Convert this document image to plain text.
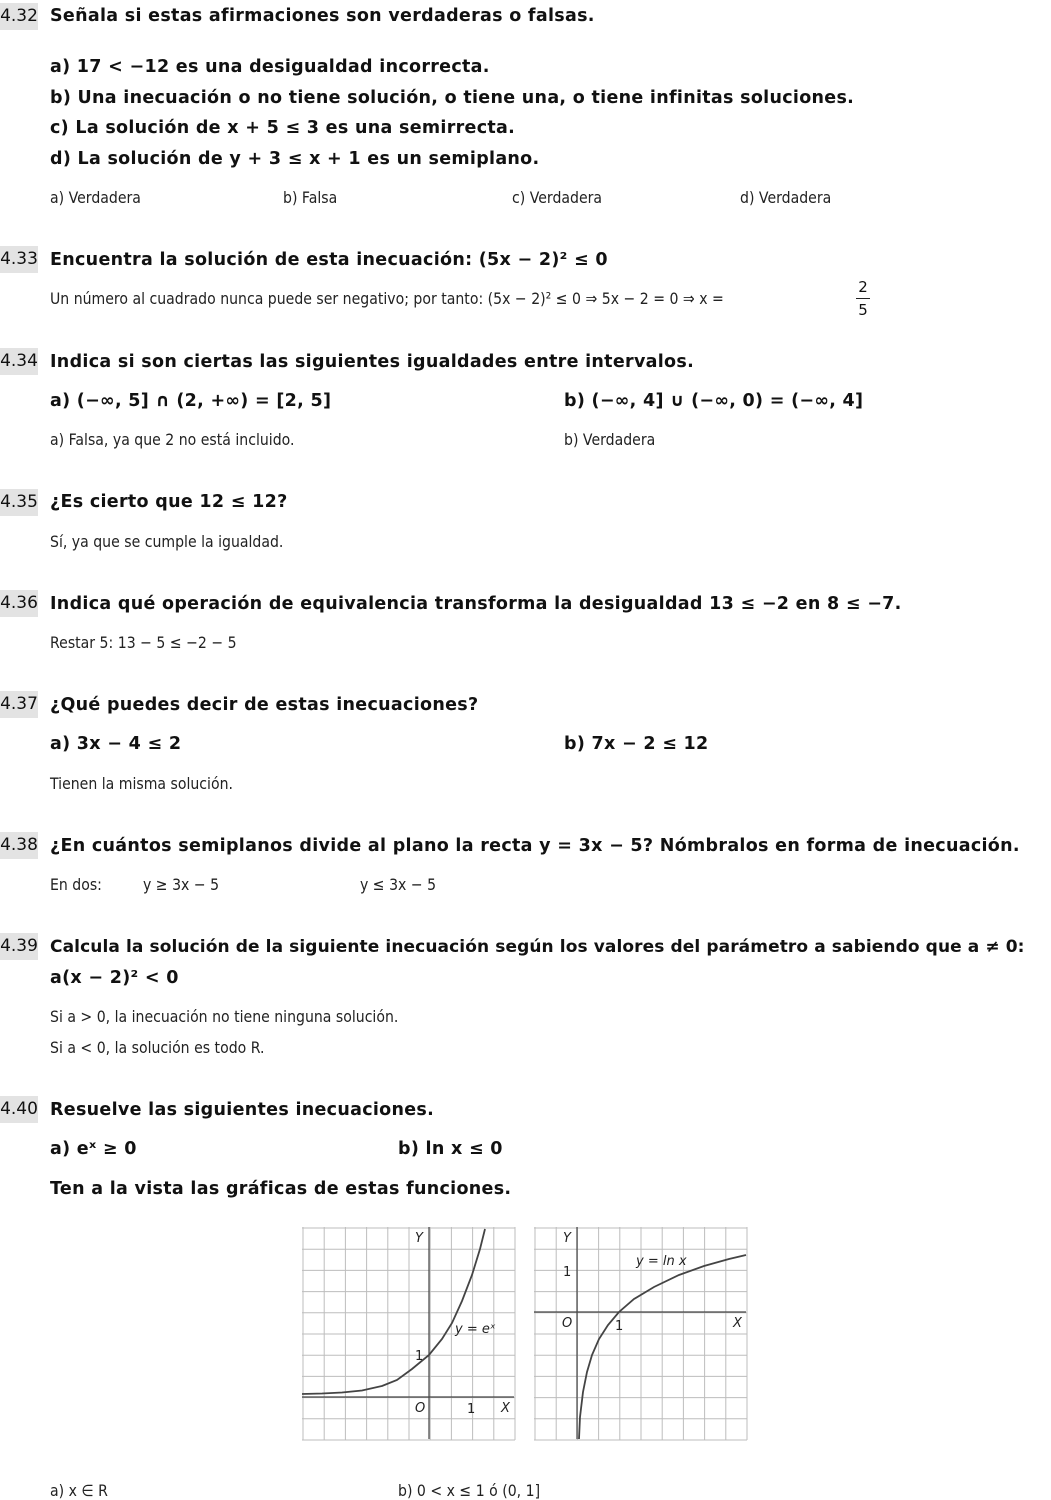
4.32 Señala si estas afirmaciones son verdaderas o falsas.
a) 17 < −12 es una desigualdad incorrecta.
b) Una inecuación o no tiene solución, o tiene una, o tiene infinitas soluciones.
c) La solución de x + 5 ≤ 3 es una semirrecta.
d) La solución de y + 3 ≤ x + 1 es un semiplano.
a) Verdadera	b) Falsa	c) Verdadera	d) Verdadera
4.33 Encuentra la solución de esta inecuación: (5x − 2)² ≤ 0
Un número al cuadrado nunca puede ser negativo; por tanto: (5x − 2)² ≤ 0 ⇒ 5x − 2 = 0 ⇒ x =
2
5
4.34 Indica si son ciertas las siguientes igualdades entre intervalos.
a) (−∞, 5] ∩ (2, +∞) = [2, 5]	b) (−∞, 4] ∪ (−∞, 0) = (−∞, 4]
a) Falsa, ya que 2 no está incluido.	b) Verdadera
4.35 ¿Es cierto que 12 ≤ 12?
Sí, ya que se cumple la igualdad.
4.36 Indica qué operación de equivalencia transforma la desigualdad 13 ≤ −2 en 8 ≤ −7.
Restar 5: 13 − 5 ≤ −2 − 5
4.37 ¿Qué puedes decir de estas inecuaciones?
a) 3x − 4 ≤ 2	b) 7x − 2 ≤ 12
Tienen la misma solución.
4.38 ¿En cuántos semiplanos divide al plano la recta y = 3x − 5? Nómbralos en forma de inecuación.
En dos:	y ≥ 3x − 5	y ≤ 3x − 5
4.39 Calcula la solución de la siguiente inecuación según los valores del parámetro a sabiendo que a ≠ 0:
a(x − 2)² < 0
Si a > 0, la inecuación no tiene ninguna solución.
Si a < 0, la solución es todo R.
4.40 Resuelve las siguientes inecuaciones.
a) eˣ ≥ 0	b) ln x ≤ 0
Ten a la vista las gráficas de estas funciones.
Y
X
O	1
1
y = eˣ
Y
X
O	1
1
y = ln x
a) x ∈ R	b) 0 < x ≤ 1 ó (0, 1]
